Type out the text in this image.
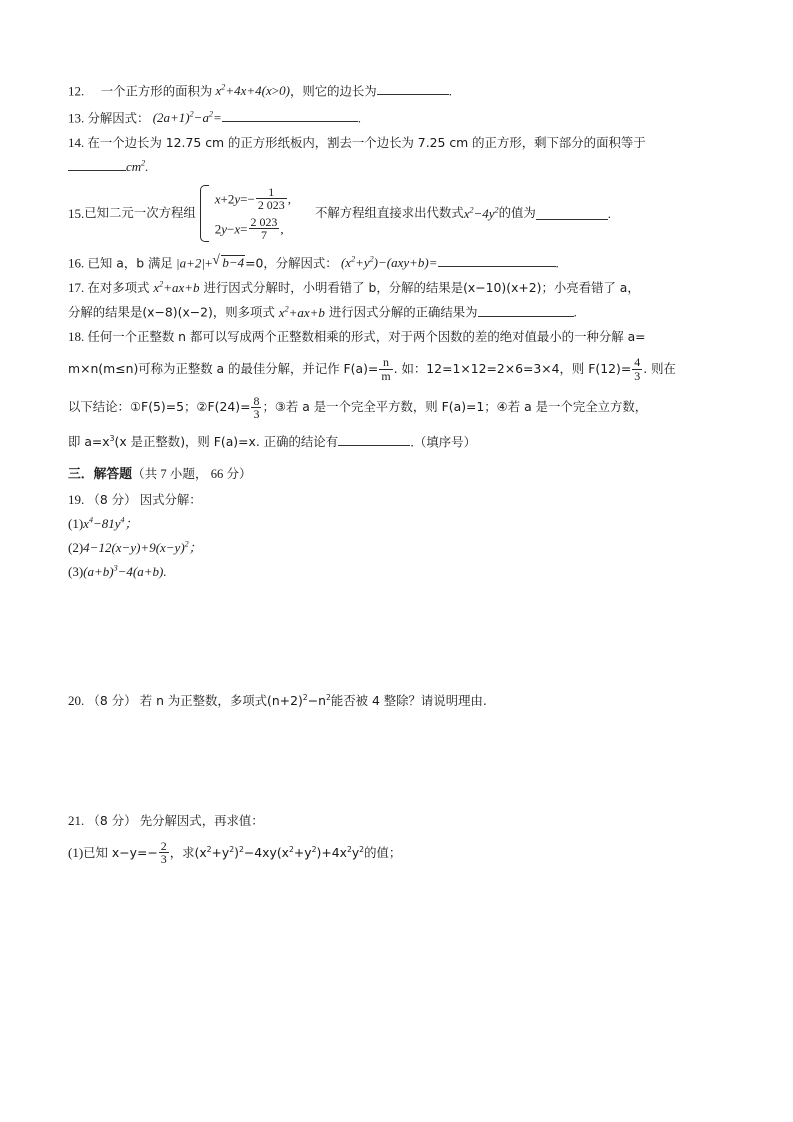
12. 一个正方形的面积为 $x^2+4x+4(x>0)$，则它的边长为	.
13. 分解因式： $(2a+1)^2-a^2=$	.
14. 在一个边长为 12.75 cm 的正方形纸板内，割去一个边长为 7.25 cm 的正方形，剩下部分的面积等于
$cm^2$.
15. 已知二元一次方程组
$x+2y=- \frac{1}{2 023}$ ,
$2y-x= \frac{2 023}{7}$ ,
不解方程组直接求出代数式 $x^2-4y^2$ 的值为	.
16. 已知 a，b 满足 |a+2|+ √ b−4=0，分解因式： $(x^2+y^2)-(axy+b)=$	.
17. 在对多项式 $x^2+ax+b$ 进行因式分解时，小明看错了 b，分解的结果是(x−10)(x+2)；小亮看错了 a，
分解的结果是(x−8)(x−2)，则多项式 $x^2+ax+b$ 进行因式分解的正确结果为	.
18. 任何一个正整数 n 都可以写成两个正整数相乘的形式，对于两个因数的差的绝对值最小的一种分解 a=
m×n(m≤n)可称为正整数 a 的最佳分解，并记作 $F(a)= \frac{n}{m}$ . 如：12=1×12=2×6=3×4，则 $F(12)= \frac{4}{3}$ . 则在
以下结论：①F(5)=5；②F(24)= $\frac{8}{3}$ ；③若 a 是一个完全平方数，则 F(a)=1；④若 a 是一个完全立方数，
即 $a=x^3(x$ 是正整数)，则 F(a)=x. 正确的结论有	.（填序号）
三．解答题（共 7 小题， 66 分）
19. （8 分） 因式分解：
$(1)x^4-81y^4$；
$(2)4-12(x-y)+9(x-y)^2$；
$(3)(a+b)^3-4(a+b)$.
20. （8 分） 若 n 为正整数，多项式$(n+2)^2-n^2$能否被 4 整除？请说明理由.
21. （8 分） 先分解因式，再求值：
(1) 已知 $x-y=- \frac{2}{3}$ ，求$(x^2+y^2)^2-4xy(x^2+y^2)+4x^2y^2$的值；
